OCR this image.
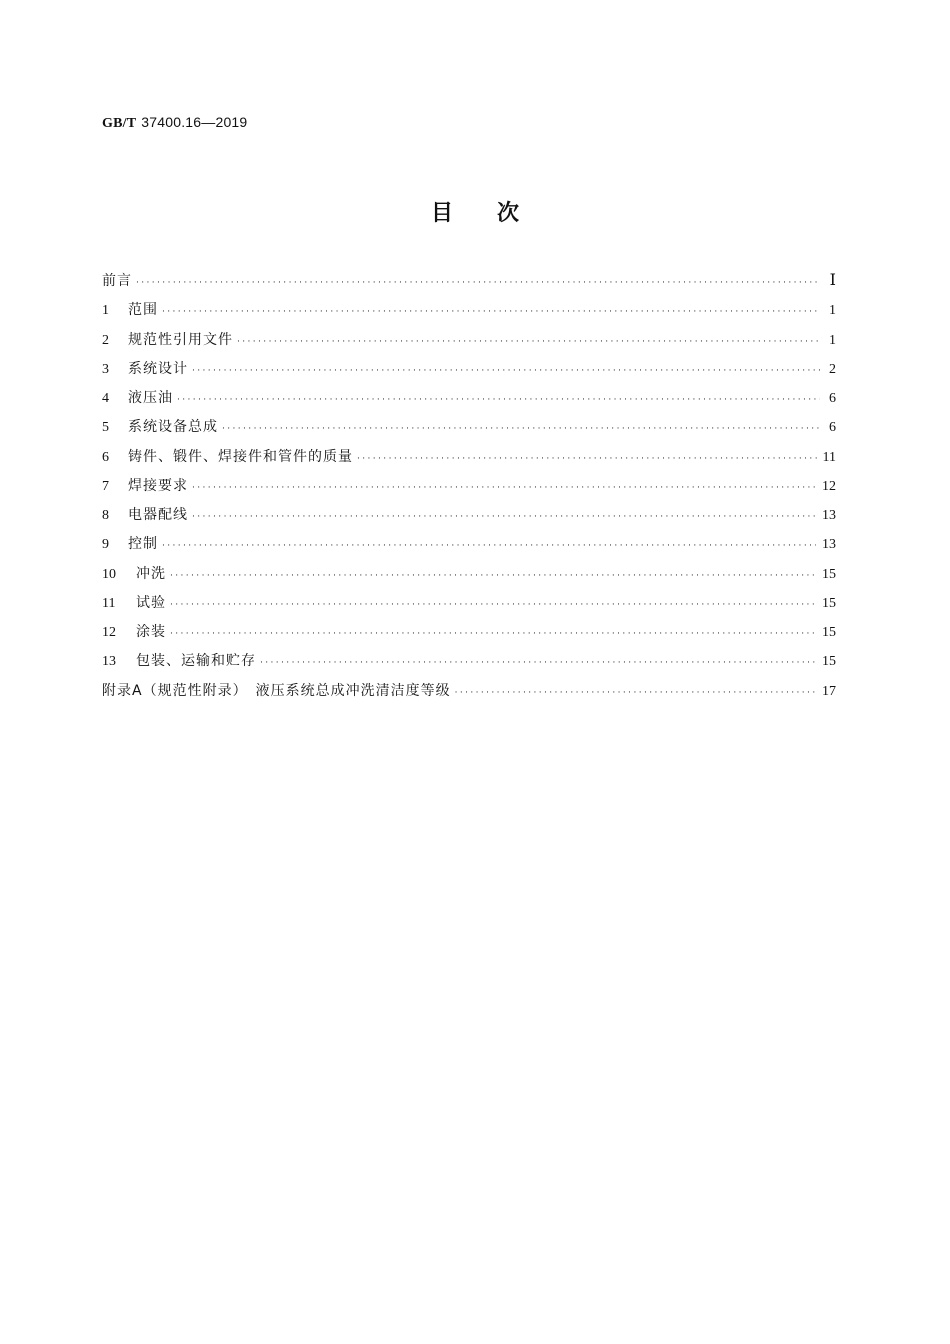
GB/T 37400.16—2019
目次
前言 ·····	Ⅰ
1	范围 ·····	1
2	规范性引用文件 ·····	1
3	系统设计 ·····	2
4	液压油 ·····	6
5	系统设备总成 ·····	6
6	铸件、锻件、焊接件和管件的质量 ·····	11
7	焊接要求 ·····	12
8	电器配线 ·····	13
9	控制 ·····	13
10	冲洗 ·····	15
11	试验 ·····	15
12	涂装 ·····	15
13	包装、运输和贮存 ·····	15
附录A（规范性附录）　液压系统总成冲洗清洁度等级 ·····	17
